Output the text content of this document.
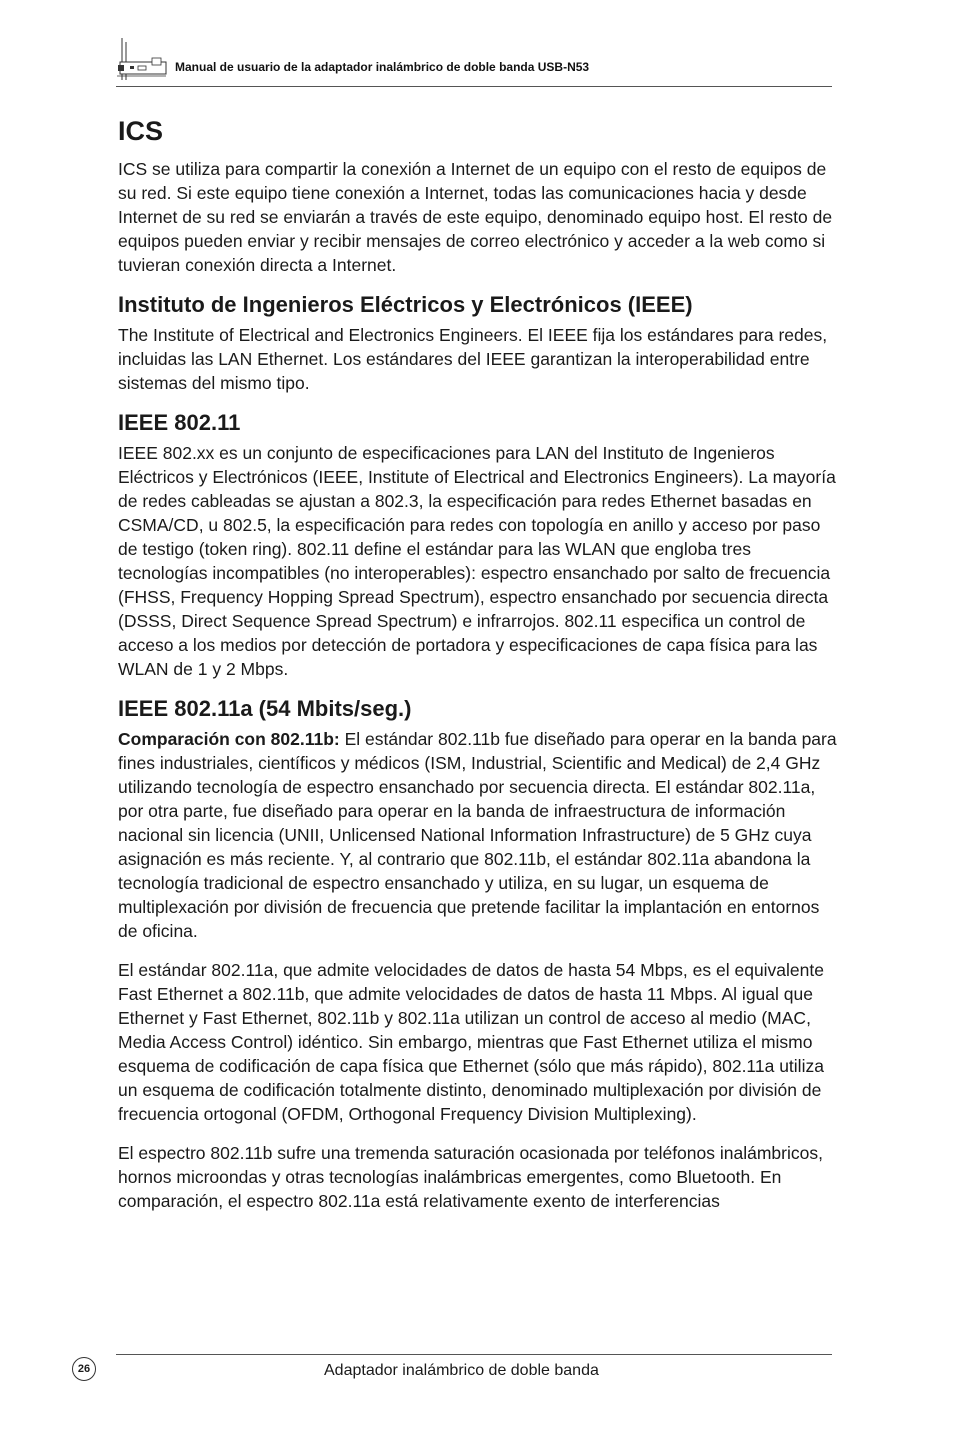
Manual de usuario de la adaptador inalámbrico de doble banda USB-N53
ICS

ICS se utiliza para compartir la conexión a Internet de un equipo con el resto de equipos de su red. Si este equipo tiene conexión a Internet, todas las comunicaciones hacia y desde Internet de su red se enviarán a través de este equipo, denominado equipo host. El resto de equipos pueden enviar y recibir mensajes de correo electrónico y acceder a la web como si tuvieran conexión directa a Internet.

Instituto de Ingenieros Eléctricos y Electrónicos (IEEE)

The Institute of Electrical and Electronics Engineers. El IEEE fija los estándares para redes, incluidas las LAN Ethernet. Los estándares del IEEE garantizan la interoperabilidad entre sistemas del mismo tipo.

IEEE 802.11

IEEE 802.xx es un conjunto de especificaciones para LAN del Instituto de Ingenieros Eléctricos y Electrónicos (IEEE, Institute of Electrical and Electronics Engineers). La mayoría de redes cableadas se ajustan a 802.3, la especificación para redes Ethernet basadas en CSMA/CD, u 802.5, la especificación para redes con topología en anillo y acceso por paso de testigo (token ring). 802.11 define el estándar para las WLAN que engloba tres tecnologías incompatibles (no interoperables): espectro ensanchado por salto de frecuencia (FHSS, Frequency Hopping Spread Spectrum), espectro ensanchado por secuencia directa (DSSS, Direct Sequence Spread Spectrum) e infrarrojos. 802.11 especifica un control de acceso a los medios por detección de portadora y especificaciones de capa física para las WLAN de 1 y 2 Mbps.

IEEE 802.11a (54 Mbits/seg.)

Comparación con 802.11b: El estándar 802.11b fue diseñado para operar en la banda para fines industriales, científicos y médicos (ISM, Industrial, Scientific and Medical) de 2,4 GHz utilizando tecnología de espectro ensanchado por secuencia directa. El estándar 802.11a, por otra parte, fue diseñado para operar en la banda de infraestructura de información nacional sin licencia (UNII, Unlicensed National Information Infrastructure) de 5 GHz cuya asignación es más reciente. Y, al contrario que 802.11b, el estándar 802.11a abandona la tecnología tradicional de espectro ensanchado y utiliza, en su lugar, un esquema de multiplexación por división de frecuencia que pretende facilitar la implantación en entornos de oficina.

El estándar 802.11a, que admite velocidades de datos de hasta 54 Mbps, es el equivalente Fast Ethernet a 802.11b, que admite velocidades de datos de hasta 11 Mbps. Al igual que Ethernet y Fast Ethernet, 802.11b y 802.11a utilizan un control de acceso al medio (MAC, Media Access Control) idéntico. Sin embargo, mientras que Fast Ethernet utiliza el mismo esquema de codificación de capa física que Ethernet (sólo que más rápido), 802.11a utiliza un esquema de codificación totalmente distinto, denominado multiplexación por división de frecuencia ortogonal (OFDM, Orthogonal Frequency Division Multiplexing).

El espectro 802.11b sufre una tremenda saturación ocasionada por teléfonos inalámbricos, hornos microondas y otras tecnologías inalámbricas emergentes, como Bluetooth. En comparación, el espectro 802.11a está relativamente exento de interferencias

26	Adaptador inalámbrico de doble banda
